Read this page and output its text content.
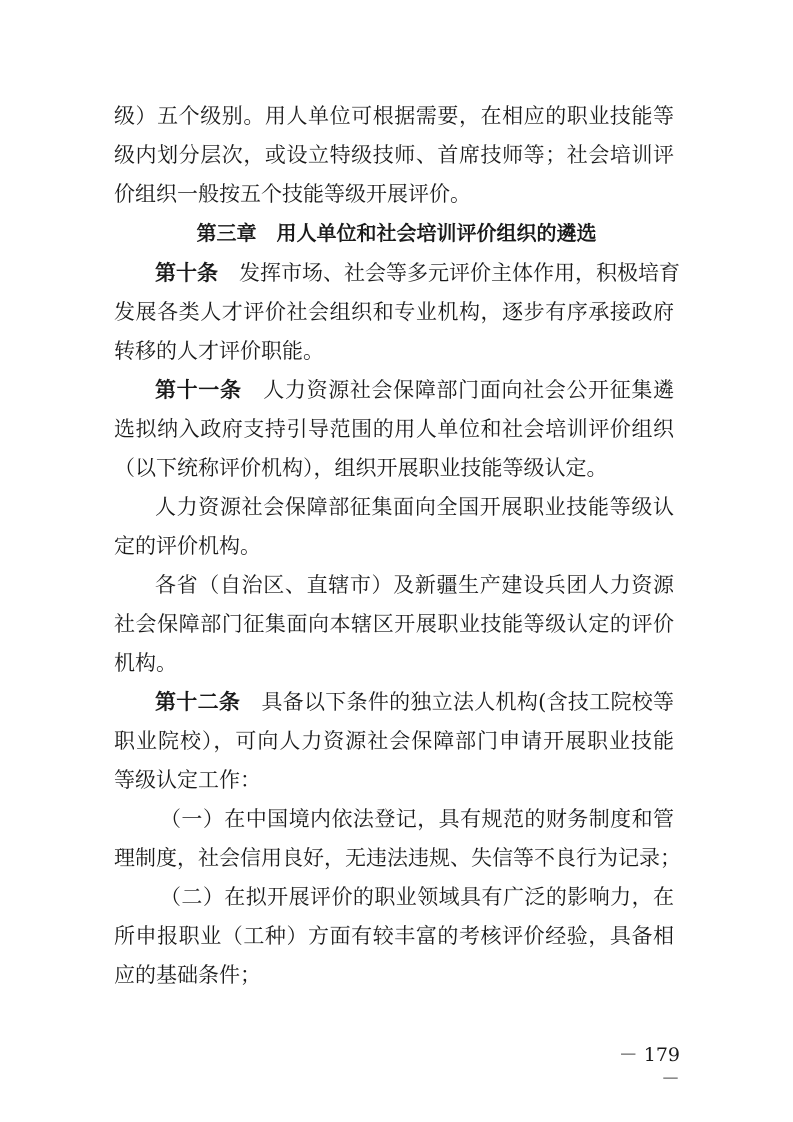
级）五个级别。用人单位可根据需要，在相应的职业技能等
级内划分层次，或设立特级技师、首席技师等；社会培训评
价组织一般按五个技能等级开展评价。
第三章　用人单位和社会培训评价组织的遴选
第十条　 发挥市场、社会等多元评价主体作用，积极培育
发展各类人才评价社会组织和专业机构，逐步有序承接政府
转移的人才评价职能。
第十一条　 人力资源社会保障部门面向社会公开征集遴
选拟纳入政府支持引导范围的用人单位和社会培训评价组织
（以下统称评价机构），组织开展职业技能等级认定。
人力资源社会保障部征集面向全国开展职业技能等级认
定的评价机构。
各省（自治区、直辖市）及新疆生产建设兵团人力资源
社会保障部门征集面向本辖区开展职业技能等级认定的评价
机构。
第十二条　 具备以下条件的独立法人机构(含技工院校等
职业院校），可向人力资源社会保障部门申请开展职业技能
等级认定工作：
（一）在中国境内依法登记，具有规范的财务制度和管
理制度，社会信用良好，无违法违规、失信等不良行为记录；
（二）在拟开展评价的职业领域具有广泛的影响力，在
所申报职业（工种）方面有较丰富的考核评价经验，具备相
应的基础条件；
－ 179 －
